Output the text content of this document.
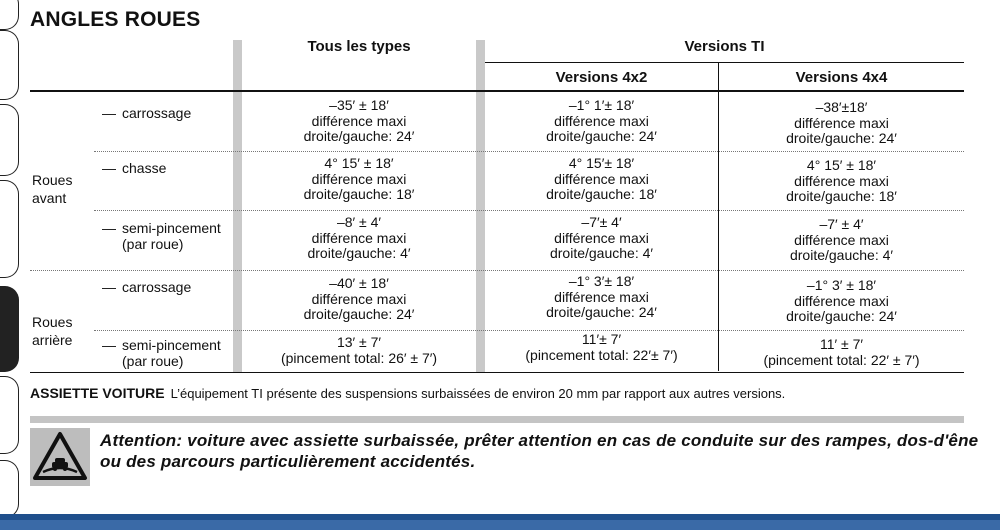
ANGLES ROUES
Tous les types	Versions TI
Versions 4x2	Versions 4x4
Roues
avant
Roues
arrière
— carrossage
— chasse
— semi-pincement
(par roue)
— carrossage
— semi-pincement
(par roue)
–35′ ± 18′
différence maxi
droite/gauche: 24′
–1° 1′± 18′
différence maxi
droite/gauche: 24′
–38′±18′
différence maxi
droite/gauche: 24′
4° 15′ ± 18′
différence maxi
droite/gauche: 18′
4° 15′± 18′
différence maxi
droite/gauche: 18′
4° 15′ ± 18′
différence maxi
droite/gauche: 18′
–8′ ± 4′
différence maxi
droite/gauche: 4′
–7′± 4′
différence maxi
droite/gauche: 4′
–7′ ± 4′
différence maxi
droite/gauche: 4′
–40′ ± 18′
différence maxi
droite/gauche: 24′
–1° 3′± 18′
différence maxi
droite/gauche: 24′
–1° 3′ ± 18′
différence maxi
droite/gauche: 24′
13′ ± 7′
(pincement total: 26′ ± 7′)
11′± 7′
(pincement total: 22′± 7′)
11′ ± 7′
(pincement total: 22′ ± 7′)
ASSIETTE VOITURE L’équipement TI présente des suspensions surbaissées de environ 20 mm par rapport aux autres versions.
Attention: voiture avec assiette surbaissée, prêter attention en cas de conduite sur des rampes, dos-d'êne ou des parcours particulièrement accidentés.
